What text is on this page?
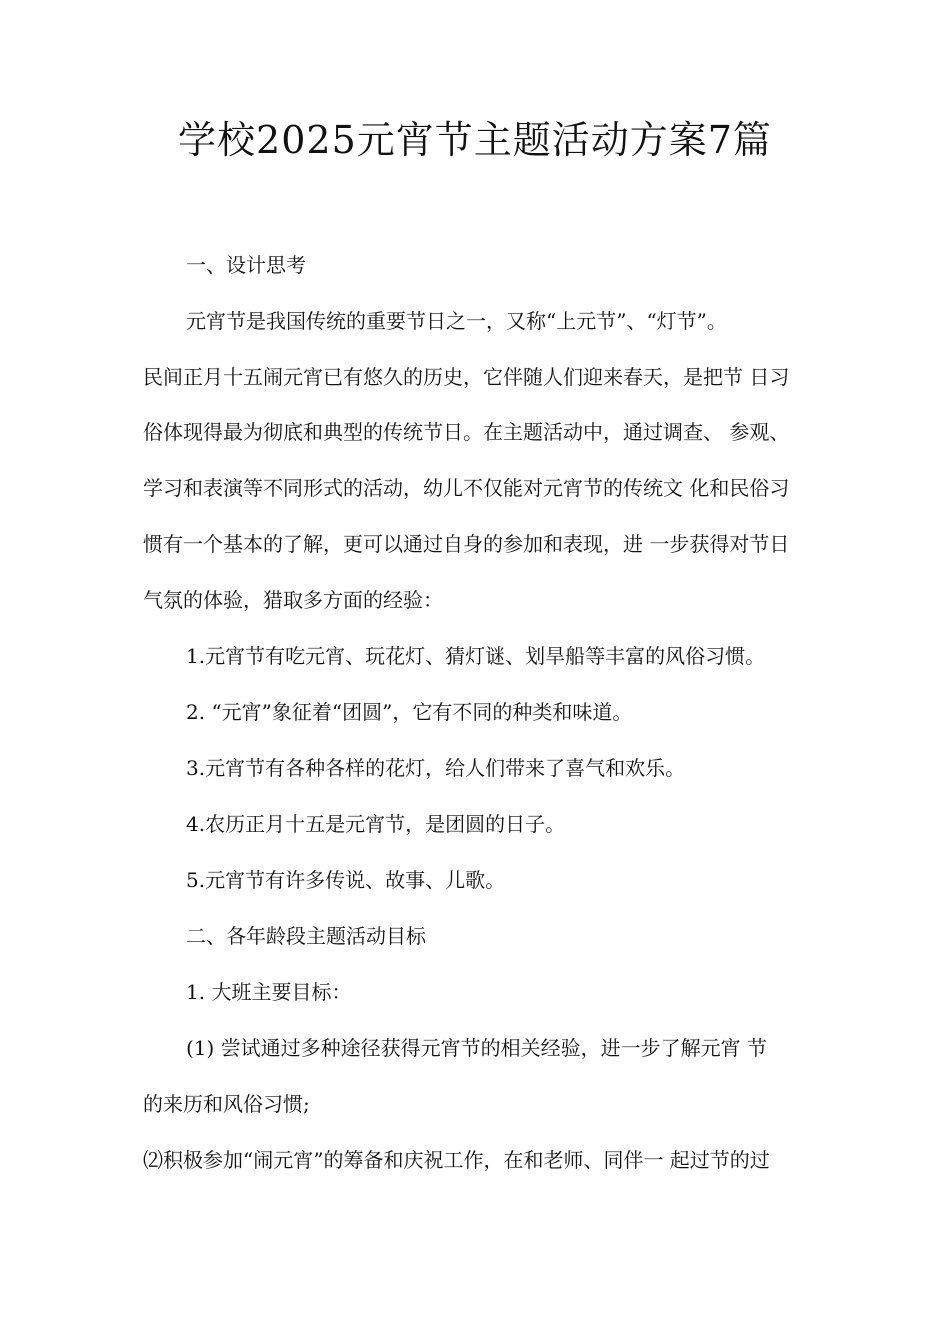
学校2025元宵节主题活动方案7篇

一、设计思考

元宵节是我国传统的重要节日之一，又称“上元节”、“灯节”。

民间正月十五闹元宵已有悠久的历史，它伴随人们迎来春天，是把节 日习

俗体现得最为彻底和典型的传统节日。在主题活动中，通过调查、 参观、

学习和表演等不同形式的活动，幼儿不仅能对元宵节的传统文 化和民俗习

惯有一个基本的了解，更可以通过自身的参加和表现，进 一步获得对节日

气氛的体验，猎取多方面的经验：

1.元宵节有吃元宵、玩花灯、猜灯谜、划旱船等丰富的风俗习惯。

2. “元宵”象征着“团圆”，它有不同的种类和味道。

3.元宵节有各种各样的花灯，给人们带来了喜气和欢乐。

4.农历正月十五是元宵节，是团圆的日子。

5.元宵节有许多传说、故事、儿歌。

二、各年龄段主题活动目标

1. 大班主要目标：

(1) 尝试通过多种途径获得元宵节的相关经验，进一步了解元宵 节

的来历和风俗习惯;

⑵积极参加“闹元宵”的筹备和庆祝工作，在和老师、同伴一 起过节的过
